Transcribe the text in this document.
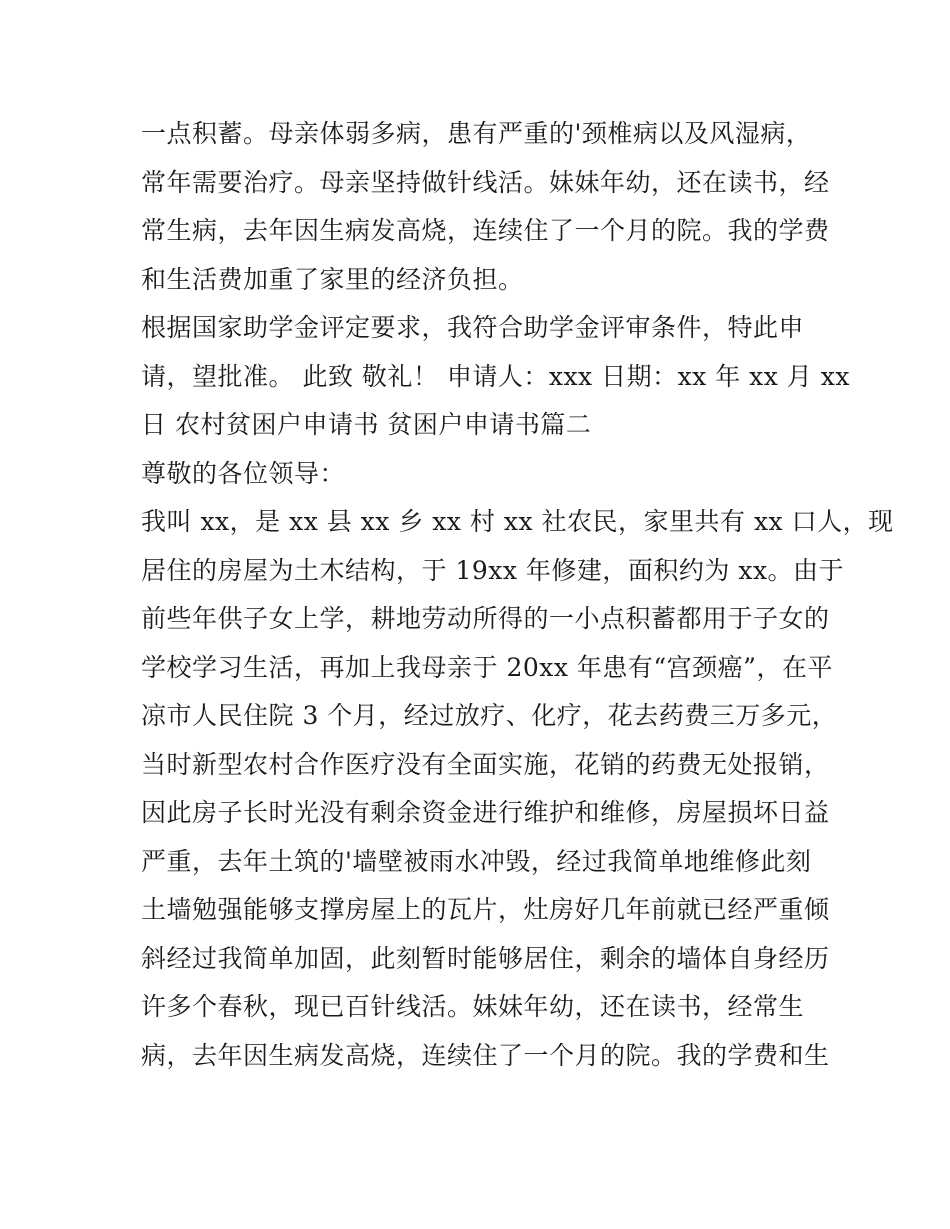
一点积蓄。母亲体弱多病，患有严重的'颈椎病以及风湿病，
常年需要治疗。母亲坚持做针线活。妹妹年幼，还在读书，经
常生病，去年因生病发高烧，连续住了一个月的院。我的学费
和生活费加重了家里的经济负担。
根据国家助学金评定要求，我符合助学金评审条件，特此申
请，望批准。 此致 敬礼！ 申请人：xxx 日期：xx 年 xx 月 xx
日 农村贫困户申请书 贫困户申请书篇二
尊敬的各位领导：
我叫 xx，是 xx 县 xx 乡 xx 村 xx 社农民，家里共有 xx 口人，现
居住的房屋为土木结构，于 19xx 年修建，面积约为 xx。由于
前些年供子女上学，耕地劳动所得的一小点积蓄都用于子女的
学校学习生活，再加上我母亲于 20xx 年患有“宫颈癌”，在平
凉市人民住院 3 个月，经过放疗、化疗，花去药费三万多元，
当时新型农村合作医疗没有全面实施，花销的药费无处报销，
因此房子长时光没有剩余资金进行维护和维修，房屋损坏日益
严重，去年土筑的'墙壁被雨水冲毁，经过我简单地维修此刻
土墙勉强能够支撑房屋上的瓦片，灶房好几年前就已经严重倾
斜经过我简单加固，此刻暂时能够居住，剩余的墙体自身经历
许多个春秋，现已百针线活。妹妹年幼，还在读书，经常生
病，去年因生病发高烧，连续住了一个月的院。我的学费和生
